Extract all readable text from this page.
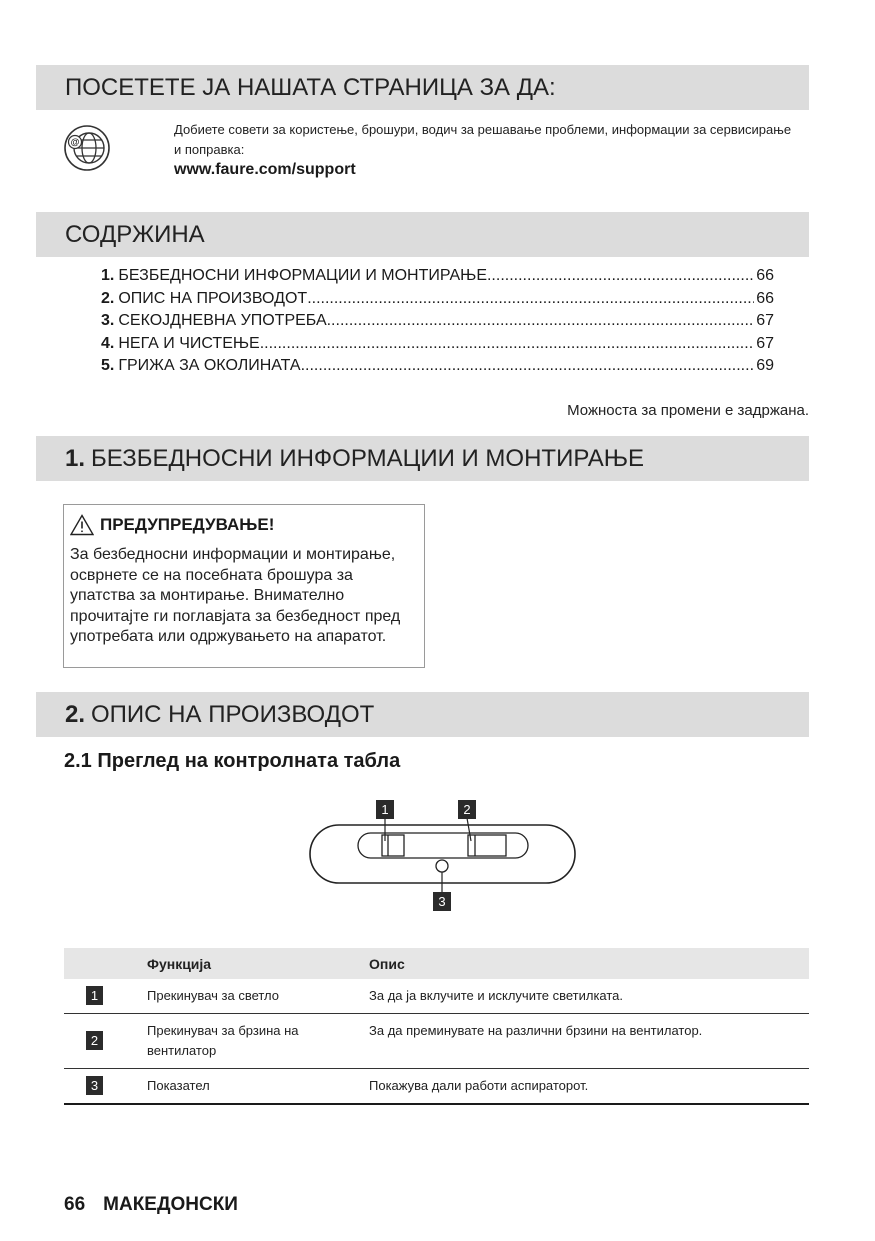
ПОСЕТЕТЕ ЈА НАШАТА СТРАНИЦА ЗА ДА:
@
Добиете совети за користење, брошури, водич за решавање проблеми, информации за сервисирање и поправка:
www.faure.com/support
СОДРЖИНА
1. БЕЗБЕДНОСНИ ИНФОРМАЦИИ И МОНТИРАЊЕ .....	66
2. ОПИС НА ПРОИЗВОДОТ .....	66
3. СЕКОЈДНЕВНА УПОТРЕБА .....	67
4. НЕГА И ЧИСТЕЊЕ .....	67
5. ГРИЖА ЗА ОКОЛИНАТА .....	69
Можноста за промени е задржана.
1. БЕЗБЕДНОСНИ ИНФОРМАЦИИ И МОНТИРАЊЕ
ПРЕДУПРЕДУВАЊЕ!
За безбедносни информации и монтирање, осврнете се на посебната брошура за упатства за монтирање. Внимателно прочитајте ги поглавјата за безбедност пред употребата или одржувањето на апаратот.
2. ОПИС НА ПРОИЗВОДОТ
2.1 Преглед на контролната табла
1	2
3
	Функција	Опис
1	Прекинувач за светло	За да ја вклучите и исклучите светилката.
2	Прекинувач за брзина на вентилатор	За да преминувате на различни брзини на вентилатор.
3	Показател	Покажува дали работи аспираторот.
66 МАКЕДОНСКИ
